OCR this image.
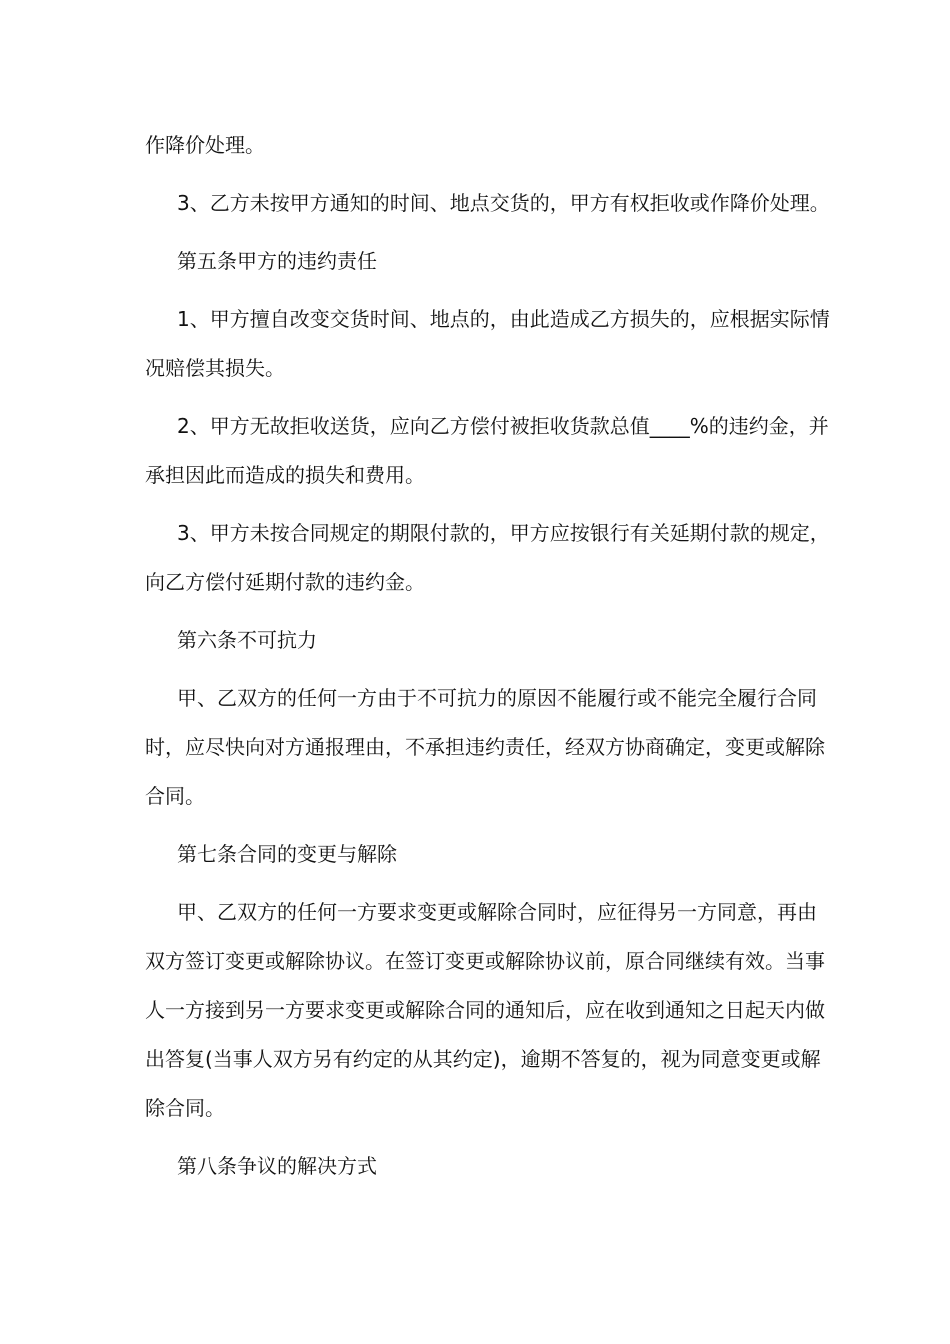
作降价处理。

3、乙方未按甲方通知的时间、地点交货的，甲方有权拒收或作降价处理。

第五条甲方的违约责任

1、甲方擅自改变交货时间、地点的，由此造成乙方损失的，应根据实际情
况赔偿其损失。

2、甲方无故拒收送货，应向乙方偿付被拒收货款总值____%的违约金，并
承担因此而造成的损失和费用。

3、甲方未按合同规定的期限付款的，甲方应按银行有关延期付款的规定，
向乙方偿付延期付款的违约金。

第六条不可抗力

甲、乙双方的任何一方由于不可抗力的原因不能履行或不能完全履行合同
时，应尽快向对方通报理由，不承担违约责任，经双方协商确定，变更或解除
合同。

第七条合同的变更与解除

甲、乙双方的任何一方要求变更或解除合同时，应征得另一方同意，再由
双方签订变更或解除协议。在签订变更或解除协议前，原合同继续有效。当事
人一方接到另一方要求变更或解除合同的通知后，应在收到通知之日起天内做
出答复(当事人双方另有约定的从其约定)，逾期不答复的，视为同意变更或解
除合同。

第八条争议的解决方式
